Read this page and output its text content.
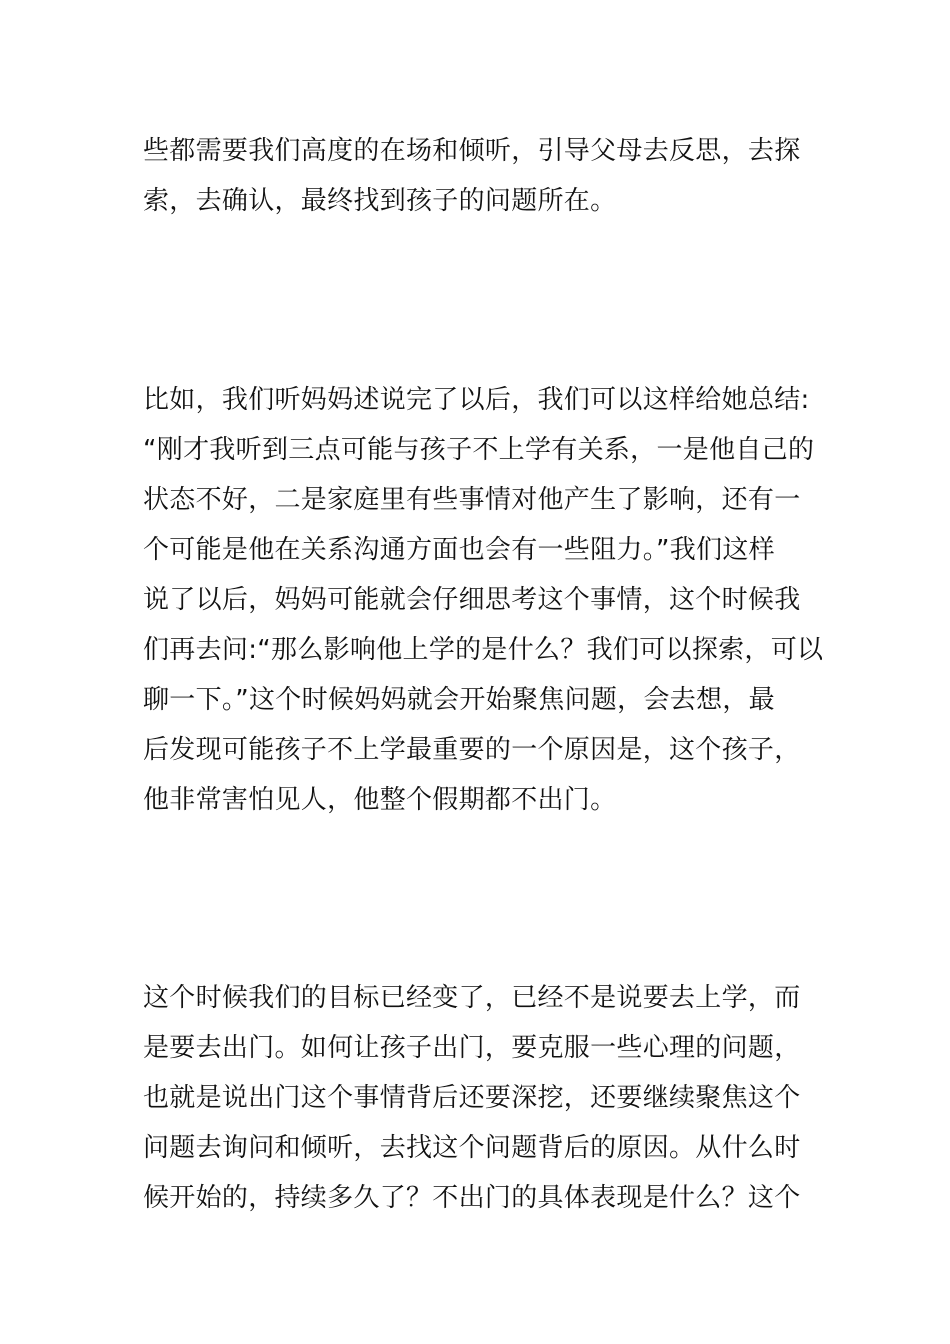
些都需要我们高度的在场和倾听，引导父母去反思，去探
索，去确认，最终找到孩子的问题所在。
比如，我们听妈妈述说完了以后，我们可以这样给她总结:
“刚才我听到三点可能与孩子不上学有关系，一是他自己的
状态不好，二是家庭里有些事情对他产生了影响，还有一
个可能是他在关系沟通方面也会有一些阻力。”我们这样
说了以后，妈妈可能就会仔细思考这个事情，这个时候我
们再去问:“那么影响他上学的是什么？我们可以探索，可以
聊一下。”这个时候妈妈就会开始聚焦问题，会去想，最
后发现可能孩子不上学最重要的一个原因是，这个孩子，
他非常害怕见人，他整个假期都不出门。
这个时候我们的目标已经变了，已经不是说要去上学，而
是要去出门。如何让孩子出门，要克服一些心理的问题，
也就是说出门这个事情背后还要深挖，还要继续聚焦这个
问题去询问和倾听，去找这个问题背后的原因。从什么时
候开始的，持续多久了？不出门的具体表现是什么？这个
